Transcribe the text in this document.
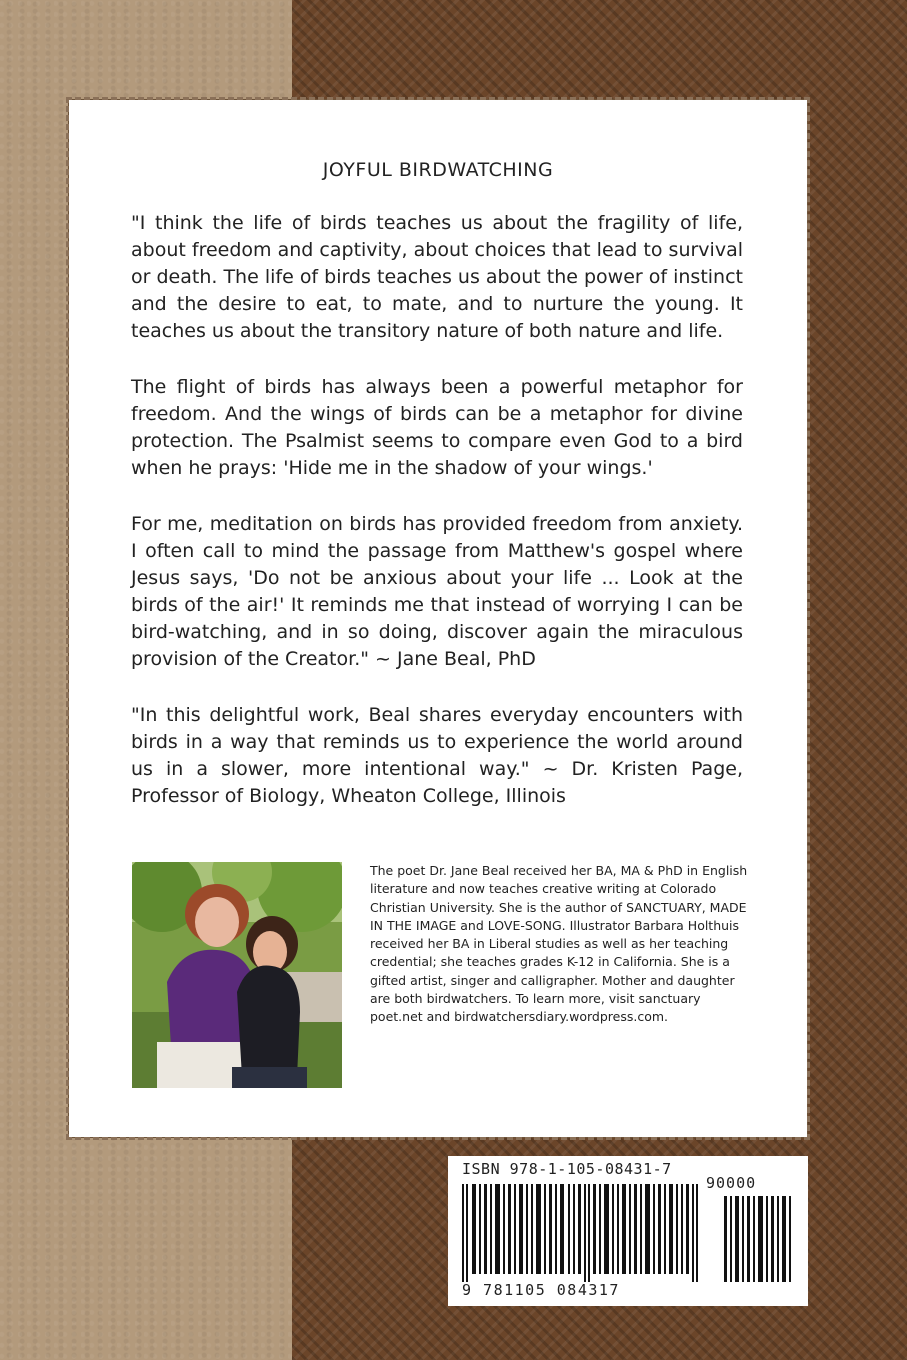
JOYFUL BIRDWATCHING

"I think the life of birds teaches us about the fragility of life, about freedom and captivity, about choices that lead to survival or death. The life of birds teaches us about the power of instinct and the desire to eat, to mate, and to nurture the young. It teaches us about the transitory nature of both nature and life.

The flight of birds has always been a powerful metaphor for freedom. And the wings of birds can be a metaphor for divine protection. The Psalmist seems to compare even God to a bird when he prays: 'Hide me in the shadow of your wings.'

For me, meditation on birds has provided freedom from anxiety. I often call to mind the passage from Matthew's gospel where Jesus says, 'Do not be anxious about your life ... Look at the birds of the air!' It reminds me that instead of worrying I can be bird-watching, and in so doing, discover again the miraculous provision of the Creator." ~ Jane Beal, PhD

"In this delightful work, Beal shares everyday encounters with birds in a way that reminds us to experience the world around us in a slower, more intentional way." ~ Dr. Kristen Page, Professor of Biology, Wheaton College, Illinois

The poet Dr. Jane Beal received her BA, MA & PhD in English literature and now teaches creative writing at Colorado Christian University. She is the author of SANCTUARY, MADE IN THE IMAGE and LOVE-SONG. Illustrator Barbara Holthuis received her BA in Liberal studies as well as her teaching credential; she teaches grades K-12 in California. She is a gifted artist, singer and calligrapher. Mother and daughter are both birdwatchers. To learn more, visit sanctuary poet.net and birdwatchersdiary.wordpress.com.

ISBN 978-1-105-08431-7
90000
9 781105 084317
